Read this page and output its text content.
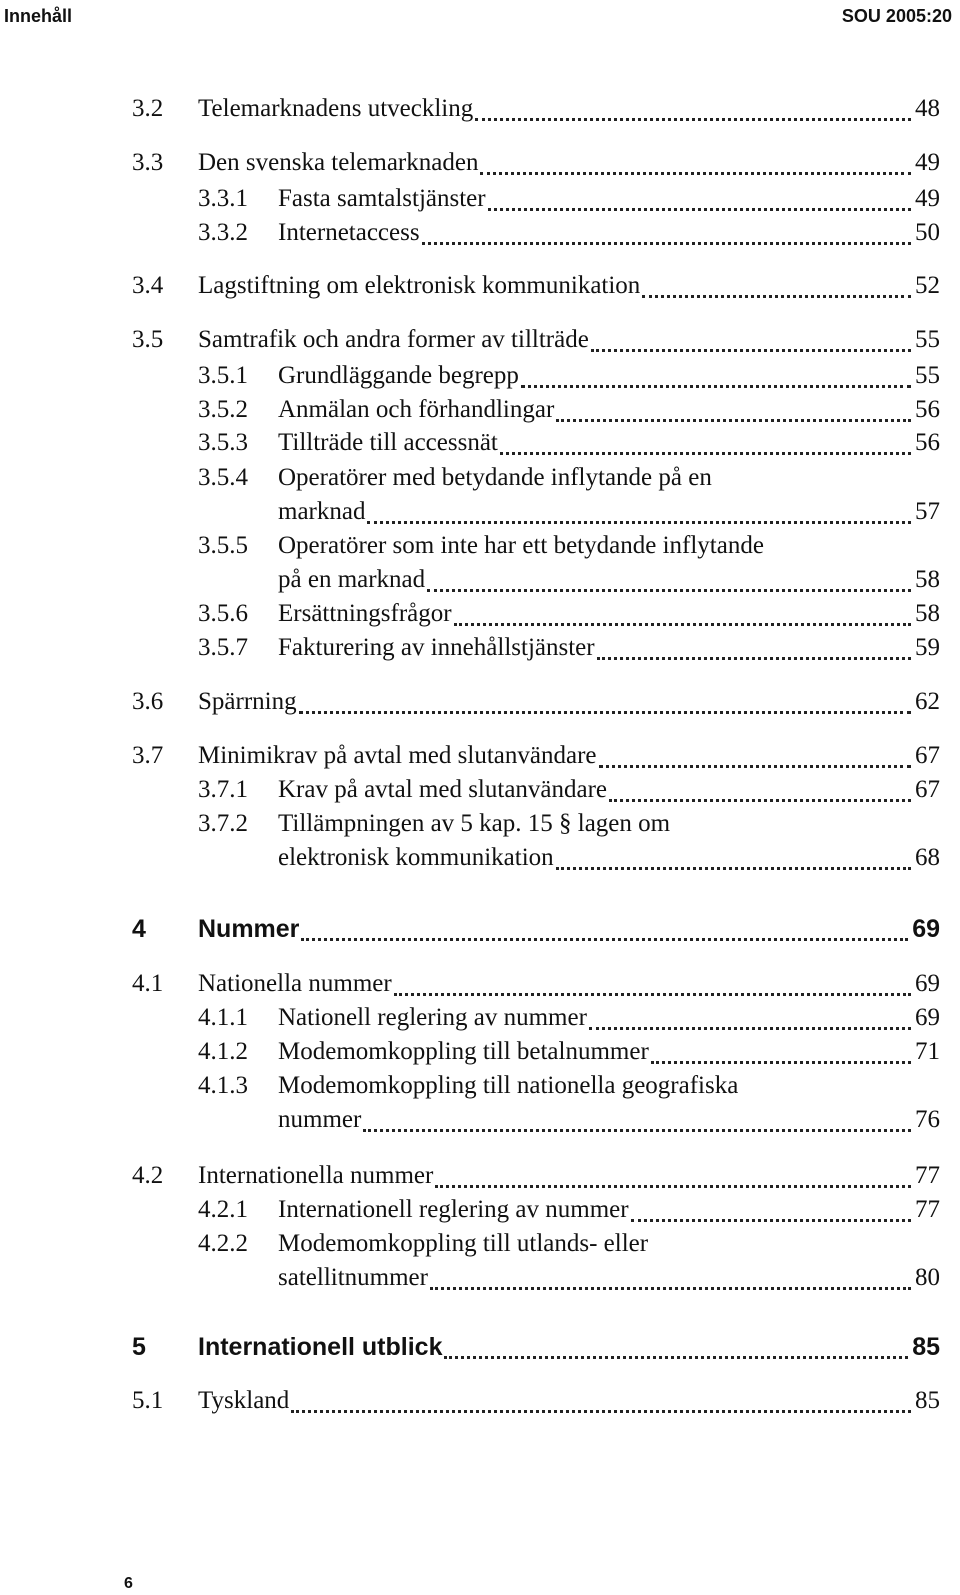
Innehåll	SOU 2005:20
3.2 Telemarknadens utveckling	48
3.3 Den svenska telemarknaden	49
3.3.1 Fasta samtalstjänster	49
3.3.2 Internetaccess	50
3.4 Lagstiftning om elektronisk kommunikation	52
3.5 Samtrafik och andra former av tillträde	55
3.5.1 Grundläggande begrepp	55
3.5.2 Anmälan och förhandlingar	56
3.5.3 Tillträde till accessnät	56
3.5.4 Operatörer med betydande inflytande på en
marknad	57
3.5.5 Operatörer som inte har ett betydande inflytande
på en marknad	58
3.5.6 Ersättningsfrågor	58
3.5.7 Fakturering av innehållstjänster	59
3.6 Spärrning	62
3.7 Minimikrav på avtal med slutanvändare	67
3.7.1 Krav på avtal med slutanvändare	67
3.7.2 Tillämpningen av 5 kap. 15 § lagen om
elektronisk kommunikation	68
4 Nummer	69
4.1 Nationella nummer	69
4.1.1 Nationell reglering av nummer	69
4.1.2 Modemomkoppling till betalnummer	71
4.1.3 Modemomkoppling till nationella geografiska
nummer	76
4.2 Internationella nummer	77
4.2.1 Internationell reglering av nummer	77
4.2.2 Modemomkoppling till utlands- eller
satellitnummer	80
5 Internationell utblick	85
5.1 Tyskland	85
6
